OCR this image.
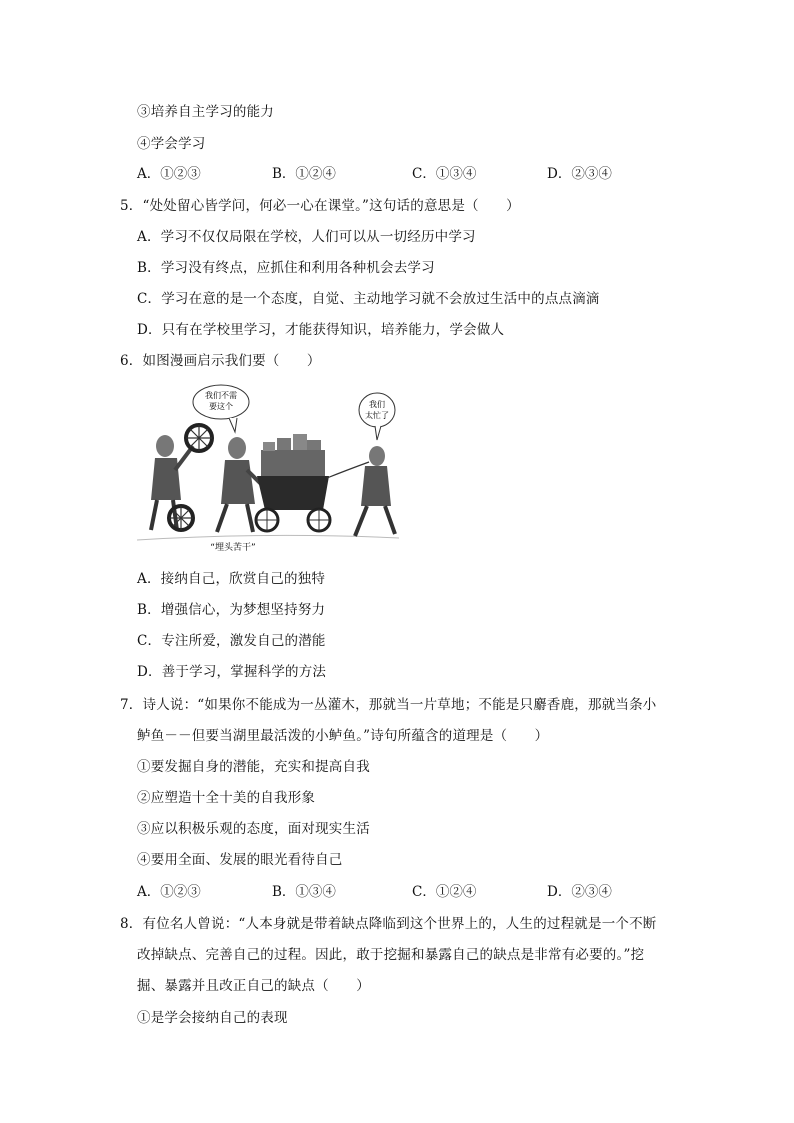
③培养自主学习的能力
④学会学习
A．①②③	B．①②④	C．①③④	D．②③④
5．“处处留心皆学问，何必一心在课堂。”这句话的意思是（　　）
A．学习不仅仅局限在学校，人们可以从一切经历中学习
B．学习没有终点，应抓住和利用各种机会去学习
C．学习在意的是一个态度，自觉、主动地学习就不会放过生活中的点点滴滴
D．只有在学校里学习，才能获得知识，培养能力，学会做人
6．如图漫画启示我们要（　　）
我们不需
要这个	我们
太忙了
“埋头苦干”
A．接纳自己，欣赏自己的独特
B．增强信心，为梦想坚持努力
C．专注所爱，激发自己的潜能
D．善于学习，掌握科学的方法
7．诗人说：“如果你不能成为一丛灌木，那就当一片草地；不能是只麝香鹿，那就当条小
鲈鱼－－但要当湖里最活泼的小鲈鱼。”诗句所蕴含的道理是（　　）
①要发掘自身的潜能，充实和提高自我
②应塑造十全十美的自我形象
③应以积极乐观的态度，面对现实生活
④要用全面、发展的眼光看待自己
A．①②③	B．①③④	C．①②④	D．②③④
8．有位名人曾说：“人本身就是带着缺点降临到这个世界上的，人生的过程就是一个不断
改掉缺点、完善自己的过程。因此，敢于挖掘和暴露自己的缺点是非常有必要的。”挖
掘、暴露并且改正自己的缺点（　　）
①是学会接纳自己的表现
